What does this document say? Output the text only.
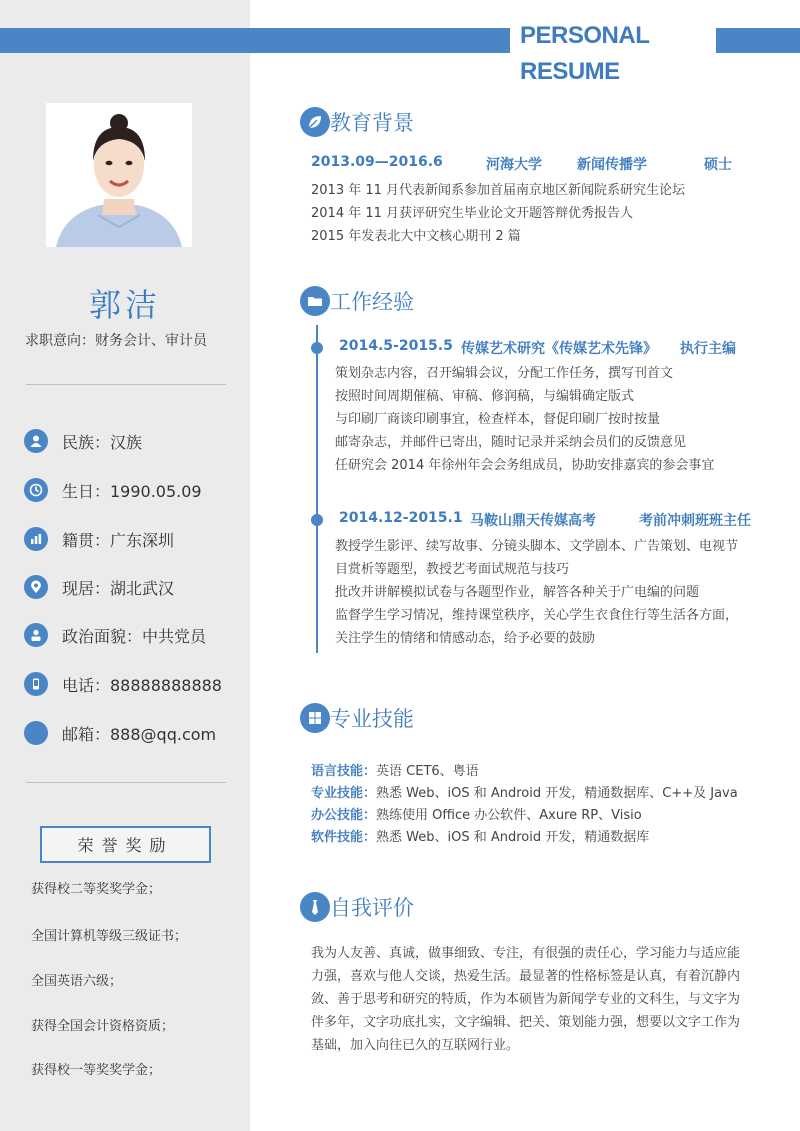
PERSONAL RESUME
郭洁
求职意向：财务会计、审计员
民族：汉族
生日：1990.05.09
籍贯：广东深圳
现居：湖北武汉
政治面貌：中共党员
电话：88888888888
邮箱：888@qq.com
荣誉奖励
获得校二等奖奖学金；
全国计算机等级三级证书；
全国英语六级；
获得全国会计资格资质；
获得校一等奖奖学金；
教育背景
2013.09—2016.6	河海大学	新闻传播学	硕士
2013 年 11 月代表新闻系参加首届南京地区新闻院系研究生论坛
2014 年 11 月获评研究生毕业论文开题答辩优秀报告人
2015 年发表北大中文核心期刊 2 篇
工作经验
2014.5-2015.5 传媒艺术研究《传媒艺术先锋》 执行主编
策划杂志内容，召开编辑会议，分配工作任务，撰写刊首文
按照时间周期催稿、审稿、修润稿，与编辑确定版式
与印刷厂商谈印刷事宜，检查样本，督促印刷厂按时按量
邮寄杂志，并邮件已寄出，随时记录并采纳会员们的反馈意见
任研究会 2014 年徐州年会会务组成员，协助安排嘉宾的参会事宜
2014.12-2015.1 马鞍山鼎天传媒高考	考前冲刺班班主任
教授学生影评、续写故事、分镜头脚本、文学剧本、广告策划、电视节
目赏析等题型，教授艺考面试规范与技巧
批改并讲解模拟试卷与各题型作业，解答各种关于广电编的问题
监督学生学习情况，维持课堂秩序，关心学生衣食住行等生活各方面，
关注学生的情绪和情感动态，给予必要的鼓励
专业技能
语言技能：英语 CET6、粤语
专业技能：熟悉 Web、iOS 和 Android 开发，精通数据库、C++及 Java
办公技能：熟练使用 Office 办公软件、Axure RP、Visio
软件技能：熟悉 Web、iOS 和 Android 开发，精通数据库
自我评价
我为人友善、真诚，做事细致、专注，有很强的责任心，学习能力与适应能
力强，喜欢与他人交谈，热爱生活。最显著的性格标签是认真，有着沉静内
敛、善于思考和研究的特质，作为本硕皆为新闻学专业的文科生，与文字为
伴多年，文字功底扎实，文字编辑、把关、策划能力强，想要以文字工作为
基础，加入向往已久的互联网行业。
